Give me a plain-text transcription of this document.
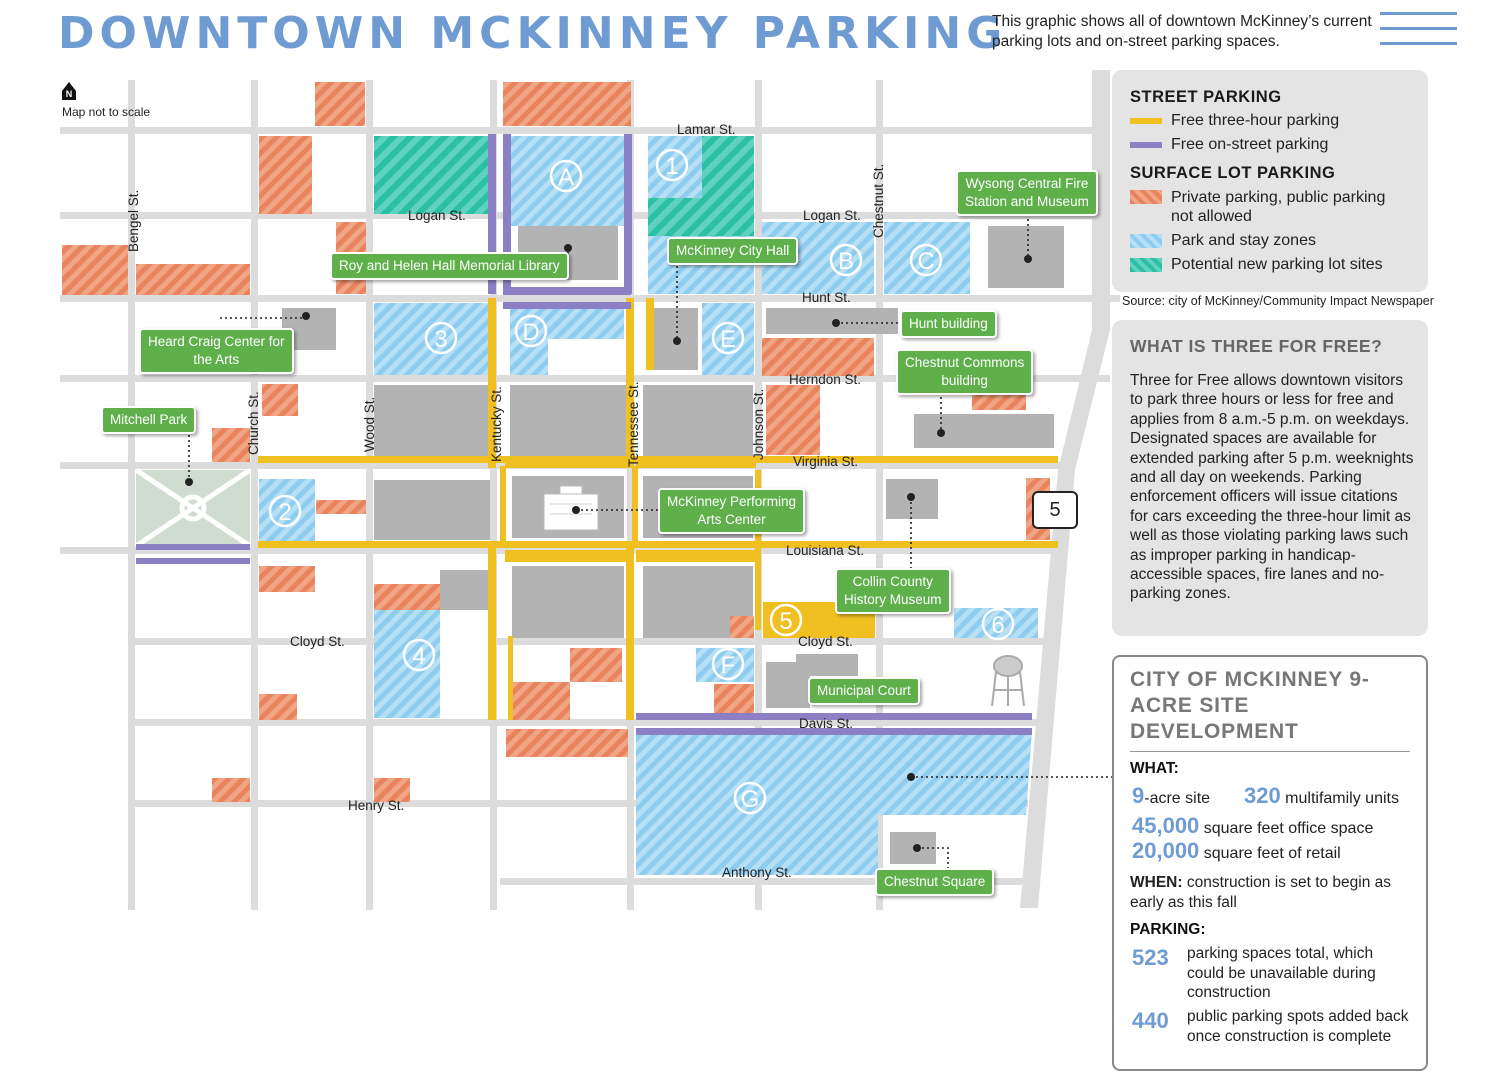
N
A
B	C
D	E
F
G
1
2
3
4
5	6
DOWNTOWN MCKINNEY PARKING
This graphic shows all of downtown McKinney’s current parking lots and on-street parking spaces.
Map not to scale
Lamar St.
Logan St.	Logan St.
Hunt St.
Herndon St.
Virginia St.
Louisiana St.
Cloyd St.	Cloyd St.
Davis St.
Henry St.
Anthony St.
Bengel St.
Church St.	Wood St.	Kentucky St.	Tennessee St.	Johnson St.
Chestnut St.
Roy and Helen Hall Memorial Library
McKinney City Hall
Wysong Central Fire
Station and Museum
Heard Craig Center for
the Arts
Hunt building
Chestnut Commons
building
Mitchell Park
McKinney Performing
Arts Center
Collin County
History Museum
Municipal Court
Chestnut Square
5
STREET PARKING
Free three-hour parking
Free on-street parking
SURFACE LOT PARKING
Private parking, public parking not allowed
Park and stay zones
Potential new parking lot sites
Source: city of McKinney/Community Impact Newspaper
WHAT IS THREE FOR FREE?

Three for Free allows downtown visitors to park three hours or less for free and applies from 8 a.m.-5 p.m. on weekdays. Designated spaces are available for extended parking after 5 p.m. weeknights and all day on weekends. Parking enforcement officers will issue citations for cars exceeding the three-hour limit as well as those violating parking laws such as improper parking in handicap-accessible spaces, fire lanes and no-parking zones.

CITY OF MCKINNEY 9-ACRE SITE DEVELOPMENT
WHAT:
9-acre site 320 multifamily units
45,000 square feet office space
20,000 square feet of retail
WHEN: construction is set to begin as early as this fall
PARKING:
523 parking spaces total, which could be unavailable during construction
440 public parking spots added back once construction is complete
